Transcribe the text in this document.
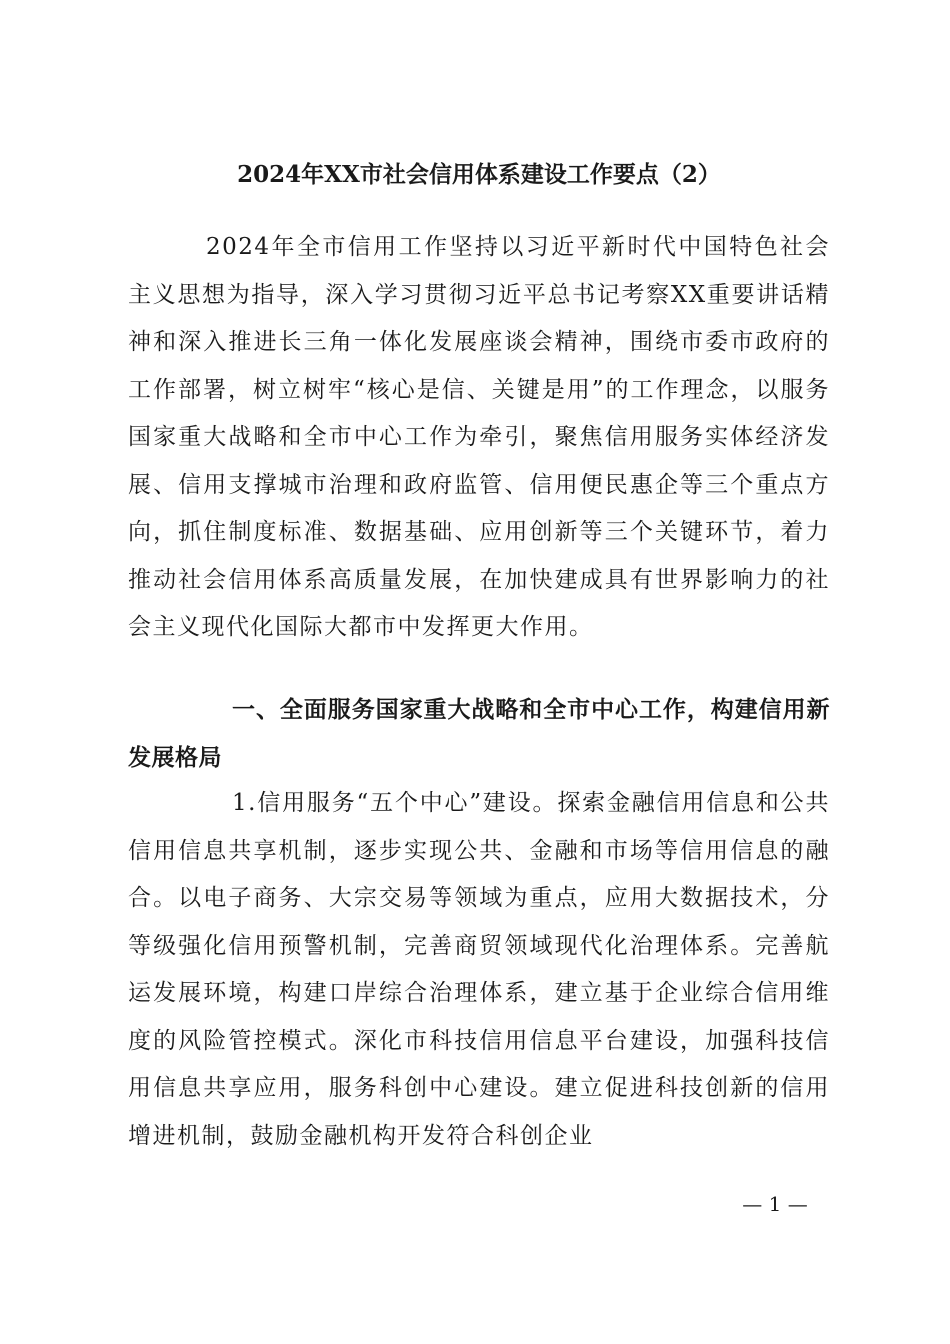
2024年XX市社会信用体系建设工作要点（2）

2024年全市信用工作坚持以习近平新时代中国特色社会主义思想为指导，深入学习贯彻习近平总书记考察XX重要讲话精神和深入推进长三角一体化发展座谈会精神，围绕市委市政府的工作部署，树立树牢“核心是信、关键是用”的工作理念，以服务国家重大战略和全市中心工作为牵引，聚焦信用服务实体经济发展、信用支撑城市治理和政府监管、信用便民惠企等三个重点方向，抓住制度标准、数据基础、应用创新等三个关键环节，着力推动社会信用体系高质量发展，在加快建成具有世界影响力的社会主义现代化国际大都市中发挥更大作用。

一、全面服务国家重大战略和全市中心工作，构建信用新发展格局

1.信用服务“五个中心”建设。探索金融信用信息和公共信用信息共享机制，逐步实现公共、金融和市场等信用信息的融合。以电子商务、大宗交易等领域为重点，应用大数据技术，分等级强化信用预警机制，完善商贸领域现代化治理体系。完善航运发展环境，构建口岸综合治理体系，建立基于企业综合信用维度的风险管控模式。深化市科技信用信息平台建设，加强科技信用信息共享应用，服务科创中心建设。建立促进科技创新的信用增进机制，鼓励金融机构开发符合科创企业

— 1 —
